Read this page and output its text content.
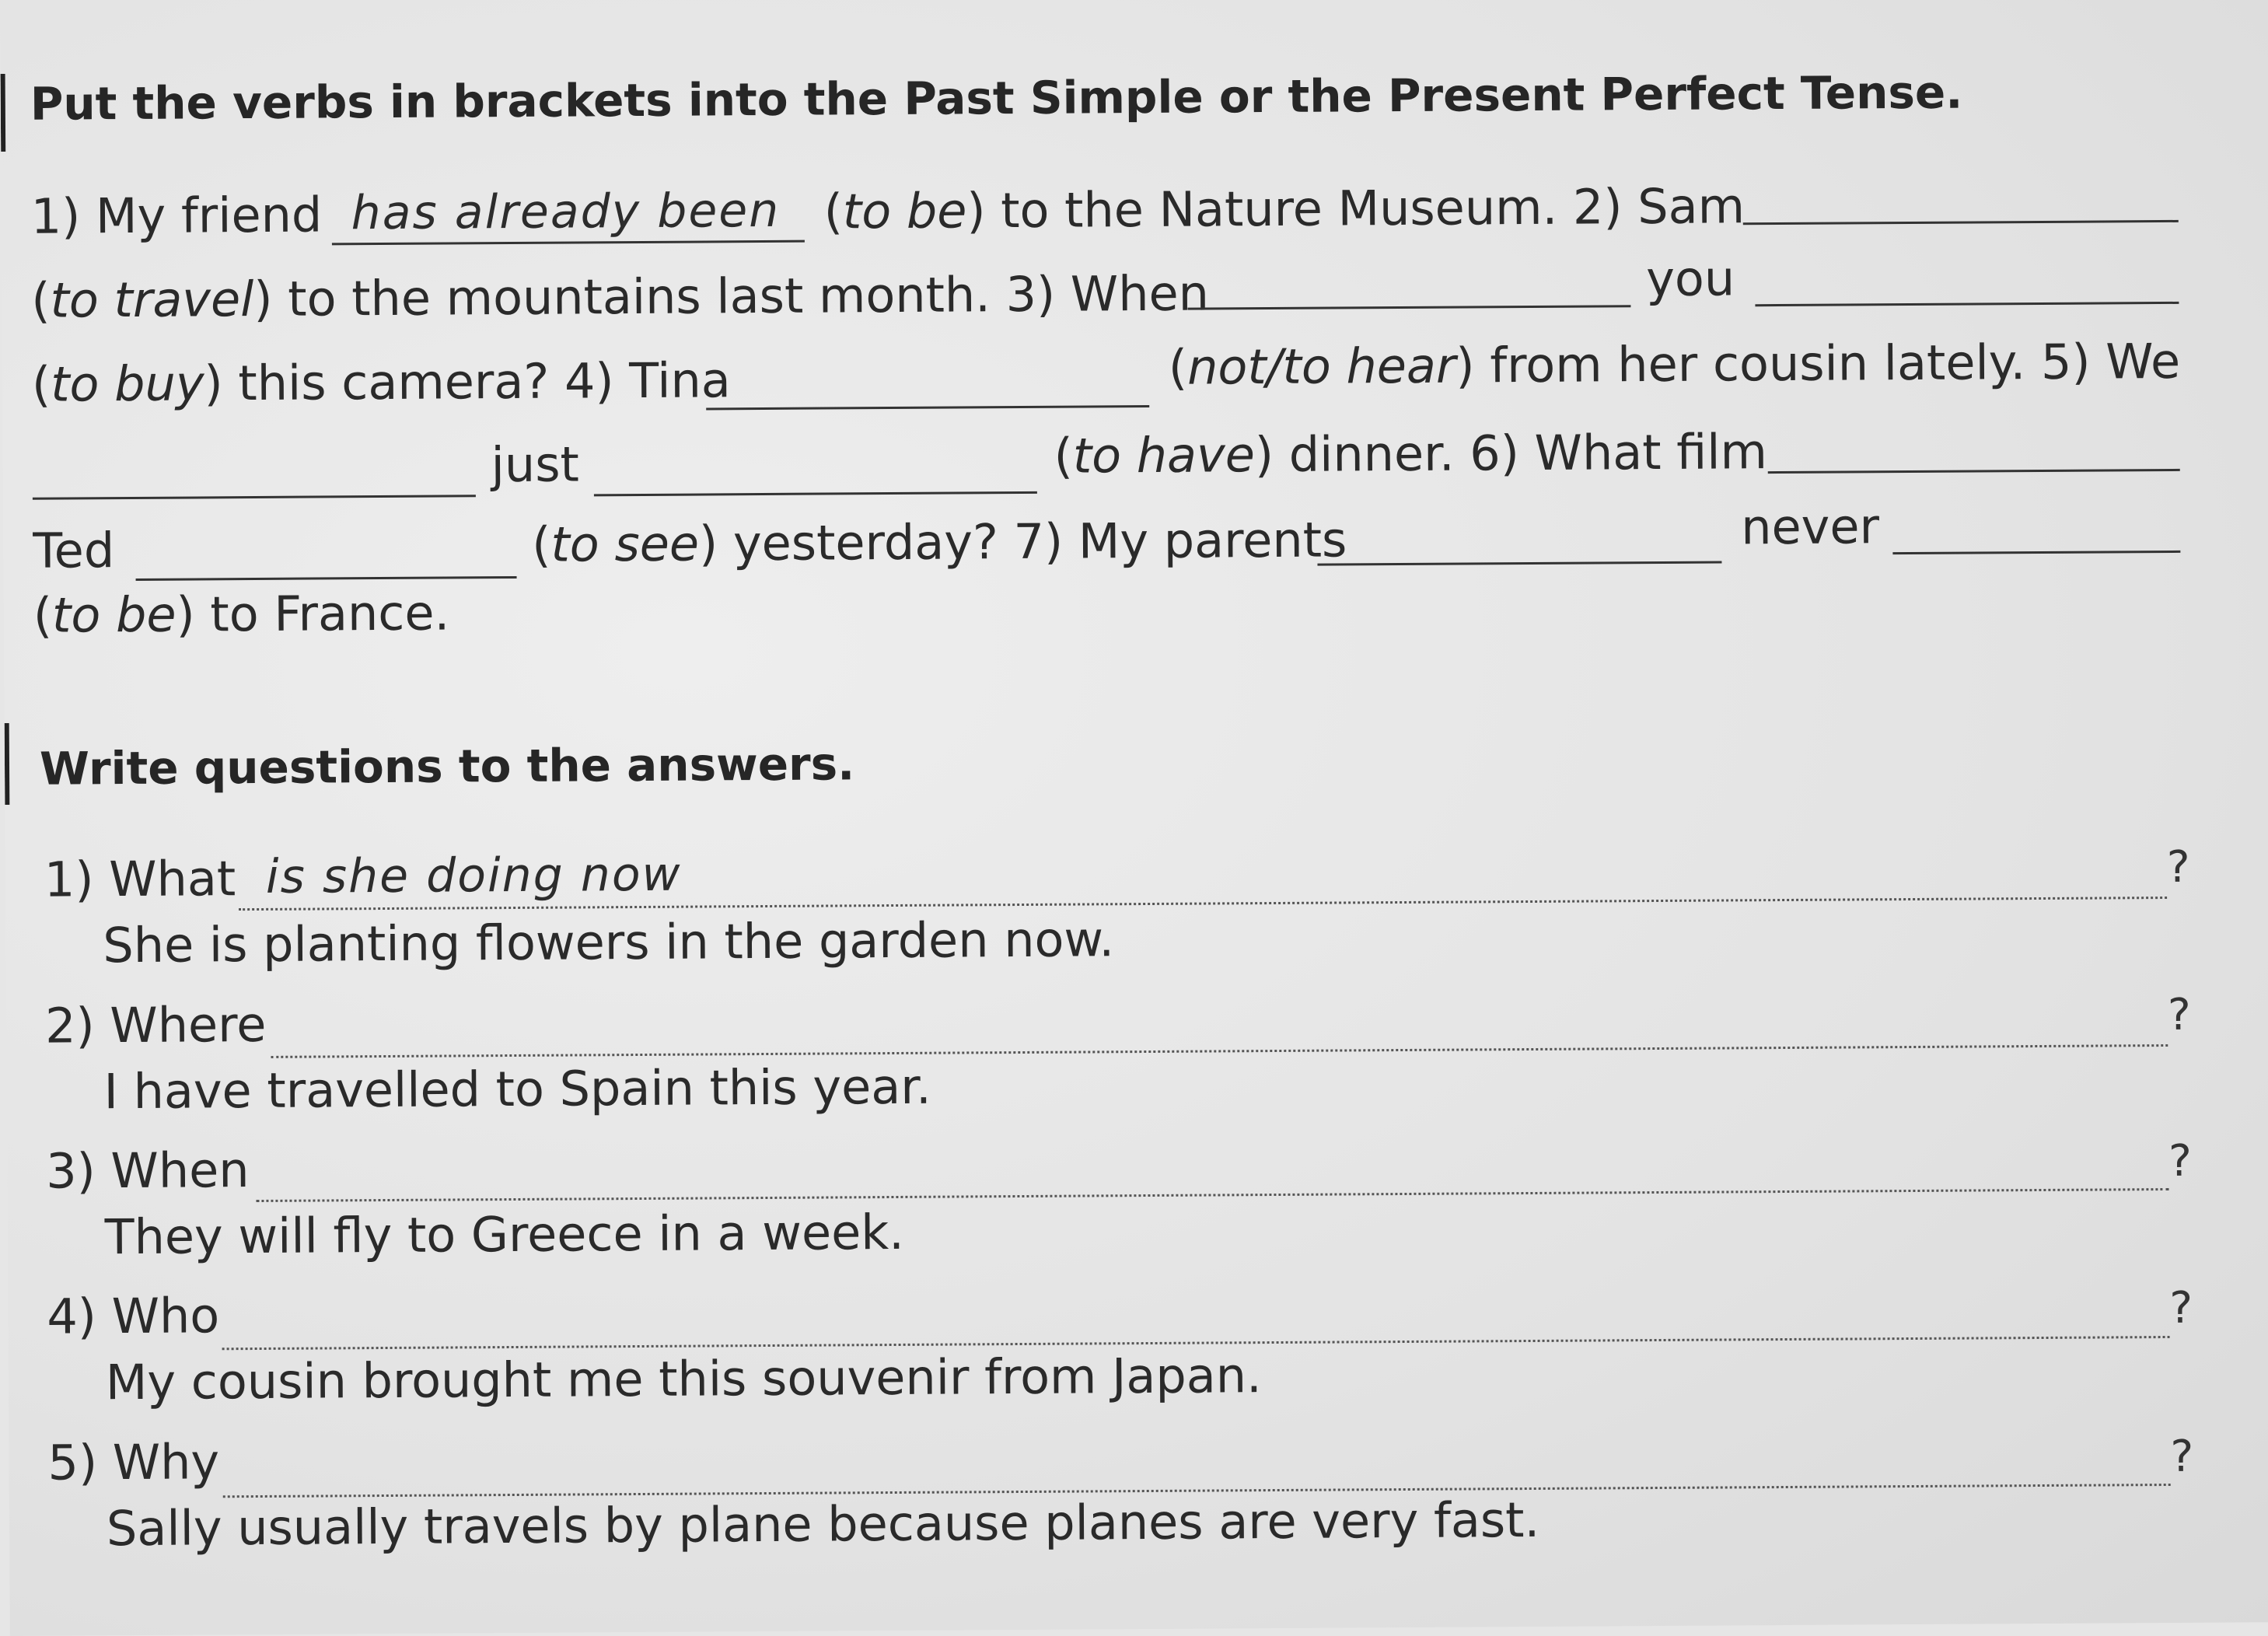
Put the verbs in brackets into the Past Simple or the Present Perfect Tense.
1) My friend has already been (to be) to the Nature Museum. 2) Sam
(to travel) to the mountains last month. 3) When	you
(to buy) this camera? 4) Tina	(not/to hear) from her cousin lately. 5) We
just	(to have) dinner. 6) What film
Ted	(to see) yesterday? 7) My parents	never
(to be) to France.
Write questions to the answers.
1) What is she doing now	?
She is planting flowers in the garden now.
2) Where	?
I have travelled to Spain this year.
3) When	?
They will fly to Greece in a week.
4) Who	?
My cousin brought me this souvenir from Japan.
5) Why	?
Sally usually travels by plane because planes are very fast.
